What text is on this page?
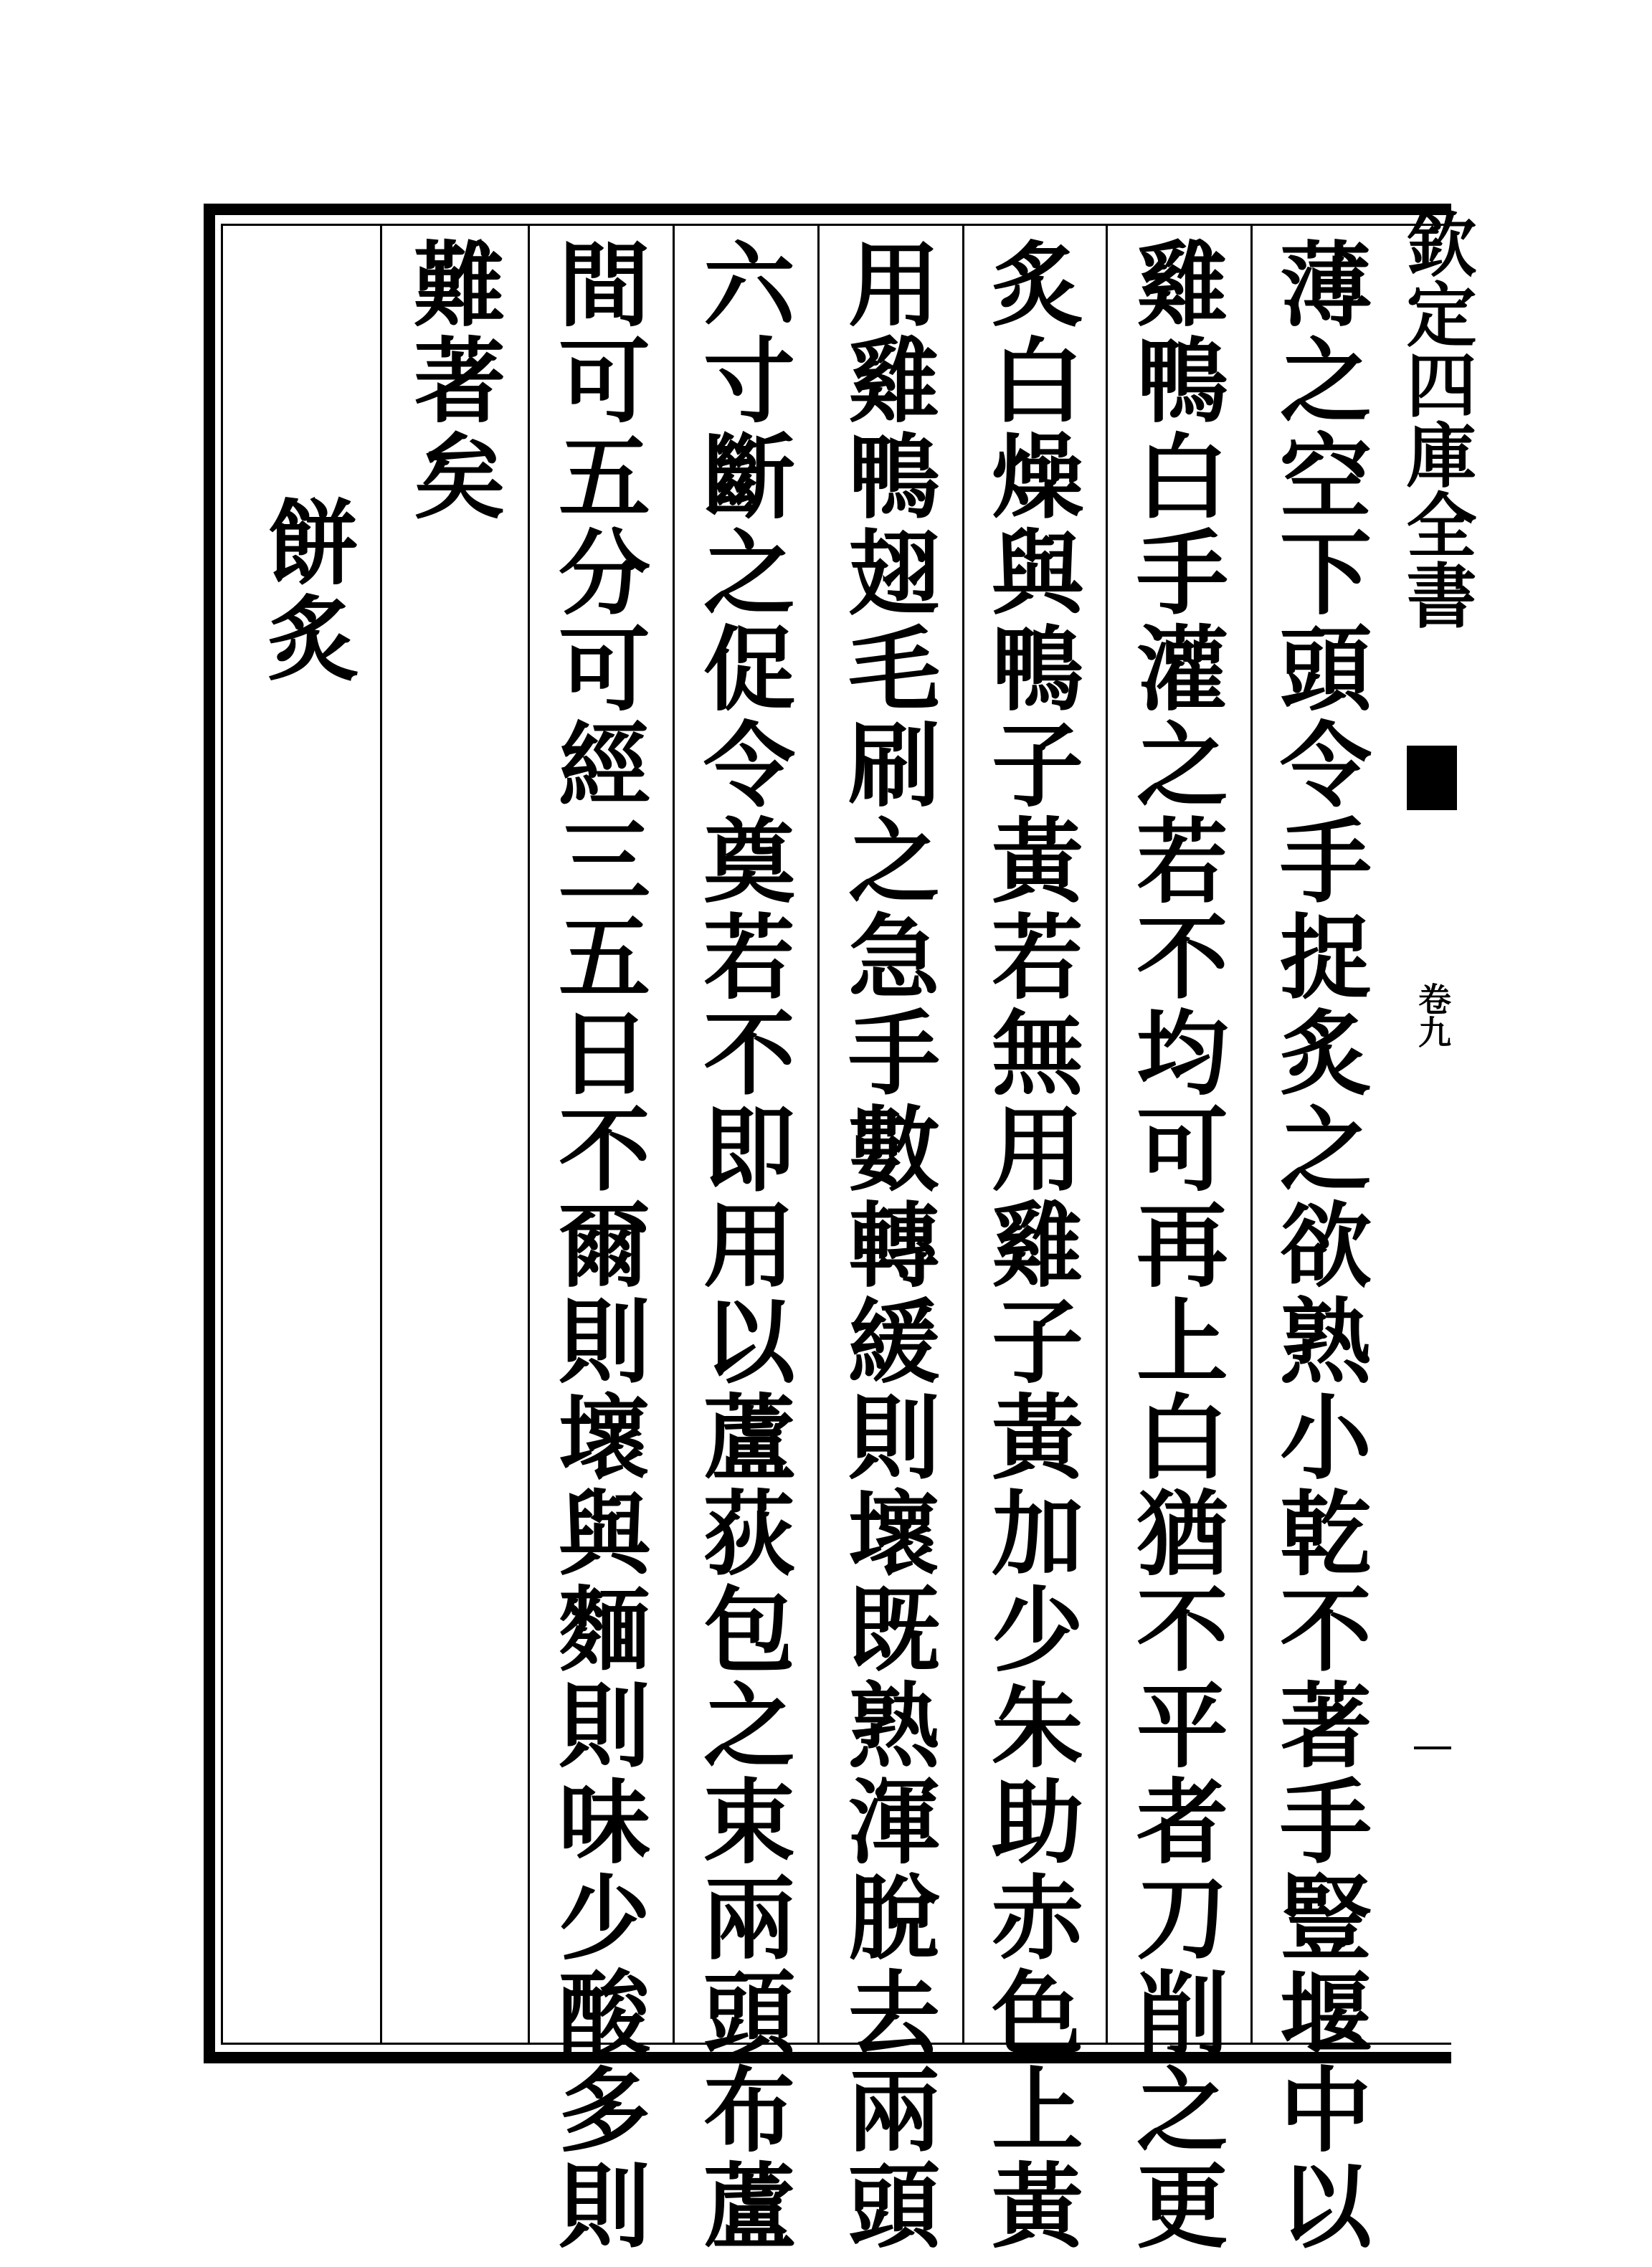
薄之空下頭令手捉炙之欲熟小乾不著手豎堰中以
雞鴨白手灌之若不均可再上白猶不平者刀削之更
炙白燥與鴨子黃若無用雞子黃加少朱助赤色上黃
用雞鴨翅毛刷之急手數轉緩則壞既熟渾脫去兩頭
六寸斷之促令奠若不即用以蘆荻包之束兩頭布蘆
間可五分可經三五日不爾則壞與麵則味少酸多則
難著矣
餅炙	欽定四庫全書
卷九
